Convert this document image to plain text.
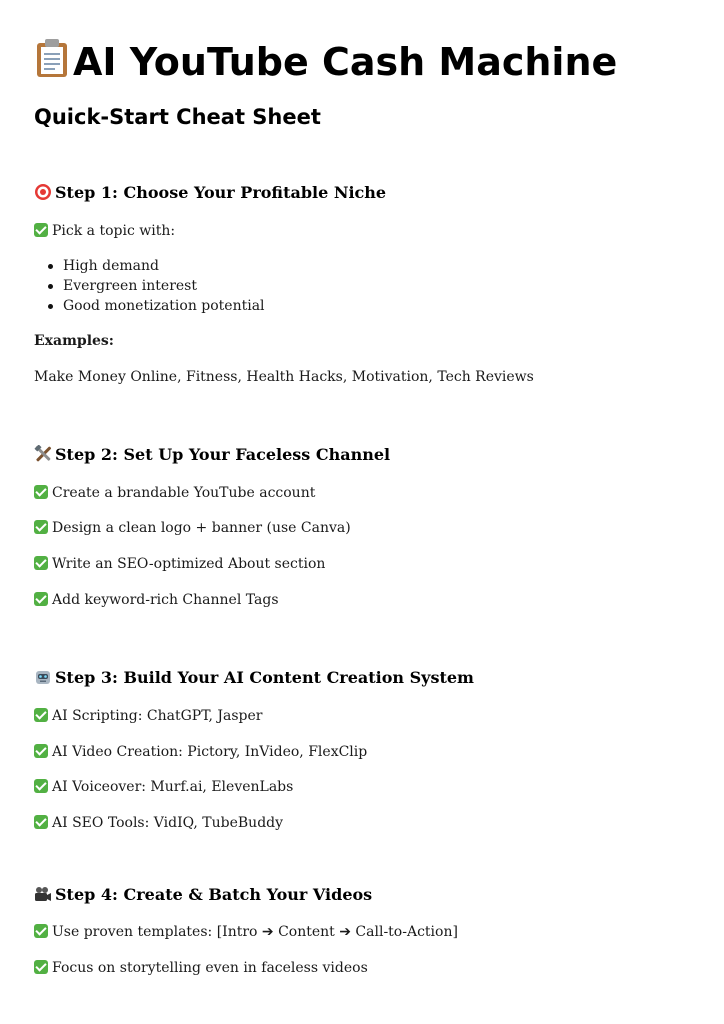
AI YouTube Cash Machine
Quick-Start Cheat Sheet
Step 1: Choose Your Profitable Niche
Pick a topic with:
High demand
Evergreen interest
Good monetization potential
Examples:
Make Money Online, Fitness, Health Hacks, Motivation, Tech Reviews
Step 2: Set Up Your Faceless Channel
Create a brandable YouTube account
Design a clean logo + banner (use Canva)
Write an SEO-optimized About section
Add keyword-rich Channel Tags
Step 3: Build Your AI Content Creation System
AI Scripting: ChatGPT, Jasper
AI Video Creation: Pictory, InVideo, FlexClip
AI Voiceover: Murf.ai, ElevenLabs
AI SEO Tools: VidIQ, TubeBuddy
Step 4: Create & Batch Your Videos
Use proven templates: [Intro ➔ Content ➔ Call-to-Action]
Focus on storytelling even in faceless videos
